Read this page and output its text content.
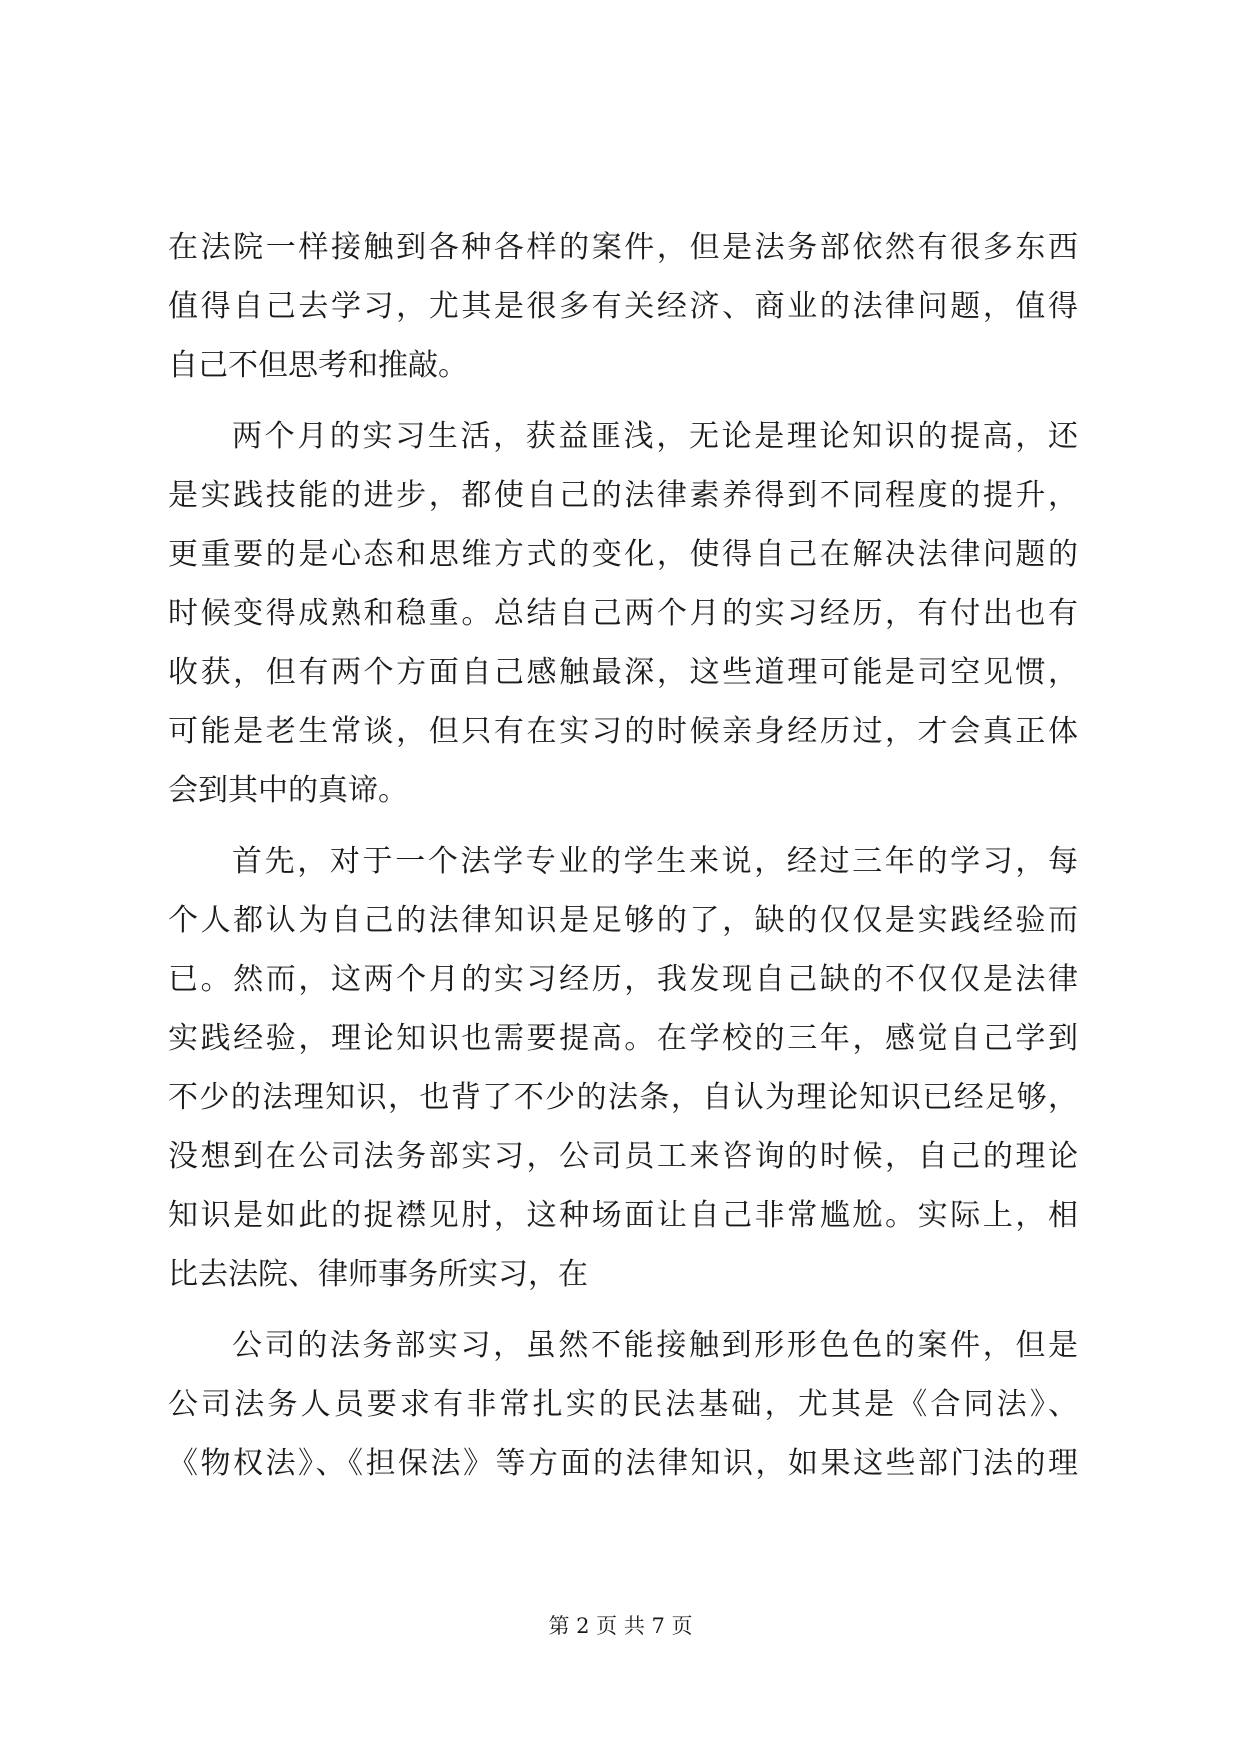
在法院一样接触到各种各样的案件，但是法务部依然有很多东西
值得自己去学习，尤其是很多有关经济、商业的法律问题，值得
自己不但思考和推敲。
两个月的实习生活，获益匪浅，无论是理论知识的提高，还
是实践技能的进步，都使自己的法律素养得到不同程度的提升，
更重要的是心态和思维方式的变化，使得自己在解决法律问题的
时候变得成熟和稳重。总结自己两个月的实习经历，有付出也有
收获，但有两个方面自己感触最深，这些道理可能是司空见惯，
可能是老生常谈，但只有在实习的时候亲身经历过，才会真正体
会到其中的真谛。
首先，对于一个法学专业的学生来说，经过三年的学习，每
个人都认为自己的法律知识是足够的了，缺的仅仅是实践经验而
已。然而，这两个月的实习经历，我发现自己缺的不仅仅是法律
实践经验，理论知识也需要提高。在学校的三年，感觉自己学到
不少的法理知识，也背了不少的法条，自认为理论知识已经足够，
没想到在公司法务部实习，公司员工来咨询的时候，自己的理论
知识是如此的捉襟见肘，这种场面让自己非常尴尬。实际上，相
比去法院、律师事务所实习，在
公司的法务部实习，虽然不能接触到形形色色的案件，但是
公司法务人员要求有非常扎实的民法基础，尤其是《合同法》、
《物权法》、《担保法》等方面的法律知识，如果这些部门法的理
第 2 页 共 7 页
